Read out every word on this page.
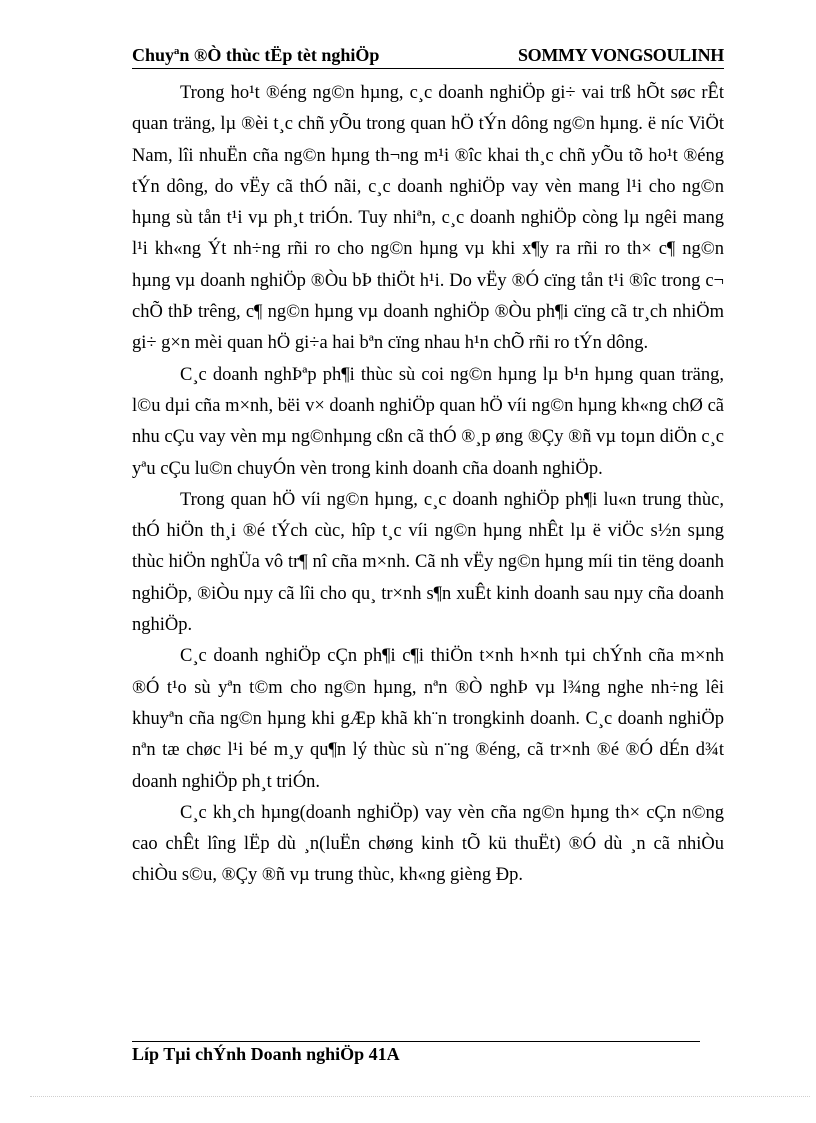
Chuyªn ®Ò thùc tËp tèt nghiÖp	SOMMY VONGSOULINH

Trong ho¹t ®éng ng©n hµng, c¸c doanh nghiÖp gi÷ vai trß hÕt søc rÊt quan träng, lµ ®èi t¸c chñ yÕu trong quan hÖ tÝn dông ng©n hµng. ë níc ViÖt Nam, lîi nhuËn cña ng©n hµng th¬ng m¹i ®îc khai th¸c chñ yÕu tõ ho¹t ®éng tÝn dông, do vËy cã thÓ nãi, c¸c doanh nghiÖp vay vèn mang l¹i cho ng©n hµng sù tån t¹i vµ ph¸t triÓn. Tuy nhiªn, c¸c doanh nghiÖp còng lµ ngêi mang l¹i kh«ng Ýt nh÷ng rñi ro cho ng©n hµng vµ khi x¶y ra rñi ro th× c¶ ng©n hµng vµ doanh nghiÖp ®Òu bÞ thiÖt h¹i. Do vËy ®Ó cïng tån t¹i ®îc trong c¬ chÕ thÞ trêng, c¶ ng©n hµng vµ doanh nghiÖp ®Òu ph¶i cïng cã tr¸ch nhiÖm gi÷ g×n mèi quan hÖ gi÷a hai bªn cïng nhau h¹n chÕ rñi ro tÝn dông.

C¸c doanh nghÞªp ph¶i thùc sù coi ng©n hµng lµ b¹n hµng quan träng, l©u dµi cña m×nh, bëi v× doanh nghiÖp quan hÖ víi ng©n hµng kh«ng chØ cã nhu cÇu vay vèn mµ ng©nhµng cßn cã thÓ ®¸p øng ®Çy ®ñ vµ toµn diÖn c¸c yªu cÇu lu©n chuyÓn vèn trong kinh doanh cña doanh nghiÖp.

Trong quan hÖ víi ng©n hµng, c¸c doanh nghiÖp ph¶i lu«n trung thùc, thÓ hiÖn th¸i ®é tÝch cùc, hîp t¸c víi ng©n hµng nhÊt lµ ë viÖc s½n sµng thùc hiÖn nghÜa vô tr¶ nî cña m×nh. Cã nh vËy ng©n hµng míi tin tëng doanh nghiÖp, ®iÒu nµy cã lîi cho qu¸ tr×nh s¶n xuÊt kinh doanh sau nµy cña doanh nghiÖp.

C¸c doanh nghiÖp cÇn ph¶i c¶i thiÖn t×nh h×nh tµi chÝnh cña m×nh ®Ó t¹o sù yªn t©m cho ng©n hµng, nªn ®Ò nghÞ vµ l¾ng nghe nh÷ng lêi khuyªn cña ng©n hµng khi gÆp khã kh¨n trongkinh doanh. C¸c doanh nghiÖp nªn tæ chøc l¹i bé m¸y qu¶n lý thùc sù n¨ng ®éng, cã tr×nh ®é ®Ó dÉn d¾t doanh nghiÖp ph¸t triÓn.

C¸c kh¸ch hµng(doanh nghiÖp) vay vèn cña ng©n hµng th× cÇn n©ng cao chÊt lîng lËp dù ¸n(luËn chøng kinh tÕ kü thuËt) ®Ó dù ¸n cã nhiÒu chiÒu s©u, ®Çy ®ñ vµ trung thùc, kh«ng gièng Đp.

Líp Tµi chÝnh Doanh nghiÖp 41A
